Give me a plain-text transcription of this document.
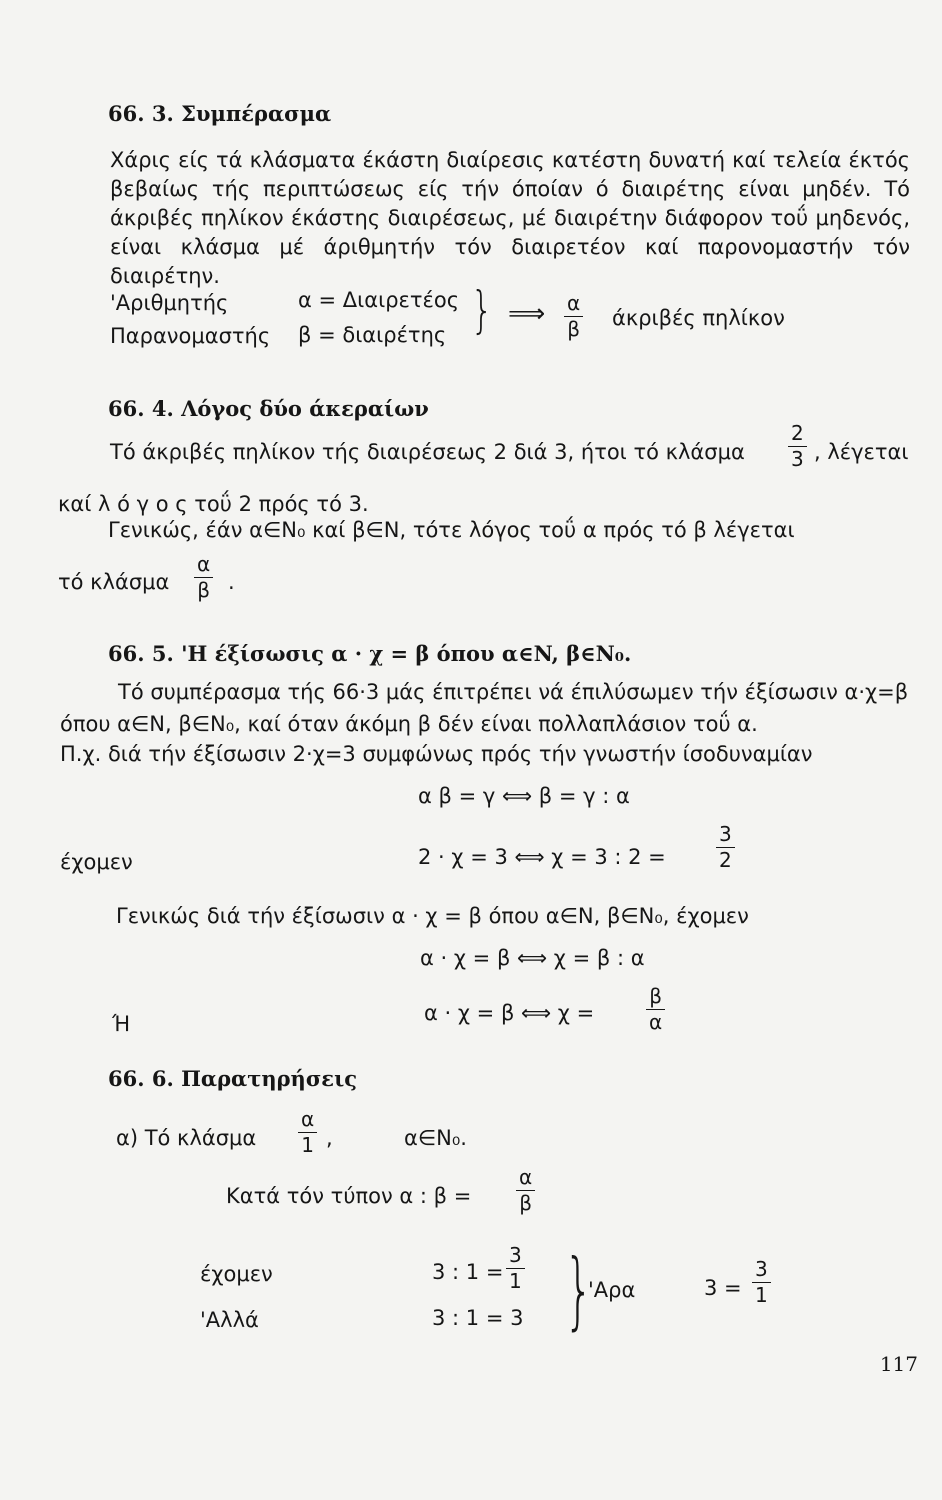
66. 3. Συμπέρασμα
Χάρις είς τά κλάσματα έκάστη διαίρεσις κατέστη δυνατή καί τελεία έκτός βεβαίως τής περιπτώσεως είς τήν όποίαν ό διαιρέτης είναι μηδέν. Τό άκριβές πηλίκον έκάστης διαιρέσεως, μέ διαιρέτην διάφορον τοΰ μηδενός, είναι κλάσμα μέ άριθμητήν τόν διαιρετέον καί παρονομαστήν τόν διαιρέτην.
'Αριθμητής	α = Διαιρετέος
Παρανομαστής β = διαιρέτης } ⟹ α
β άκριβές πηλίκον
66. 4. Λόγος δύο άκεραίων
Τό άκριβές πηλίκον τής διαιρέσεως 2 διά 3, ήτοι τό κλάσμα
2
3 , λέγεται
καί λ ό γ ο ς τοΰ 2 πρός τό 3.
Γενικώς, έάν α∈N₀ καί β∈N, τότε λόγος τοΰ α πρός τό β λέγεται
τό κλάσμα
α
β .
66. 5. 'Η έξίσωσις α · χ = β όπου α∈N, β∈N₀.
Τό συμπέρασμα τής 66·3 μάς έπιτρέπει νά έπιλύσωμεν τήν έξίσωσιν α·χ=β
όπου α∈N, β∈N₀, καί όταν άκόμη β δέν είναι πολλαπλάσιον τοΰ α.
Π.χ. διά τήν έξίσωσιν 2·χ=3 συμφώνως πρός τήν γνωστήν ίσοδυναμίαν
α β = γ ⟺ β = γ : α
έχομεν	2 · χ = 3 ⟺ χ = 3 : 2 =
3
2
Γενικώς διά τήν έξίσωσιν α · χ = β όπου α∈N, β∈N₀, έχομεν
α · χ = β ⟺ χ = β : α
Ή	α · χ = β ⟺ χ =
β
α
66. 6. Παρατηρήσεις
α) Τό κλάσμα
α
1 ,	α∈N₀.
Κατά τόν τύπον α : β =
α
β
έχομεν	3 : 1 =
3
1
'Αλλά	3 : 1 = 3 }
'Αρα	3 =
3
1
117
